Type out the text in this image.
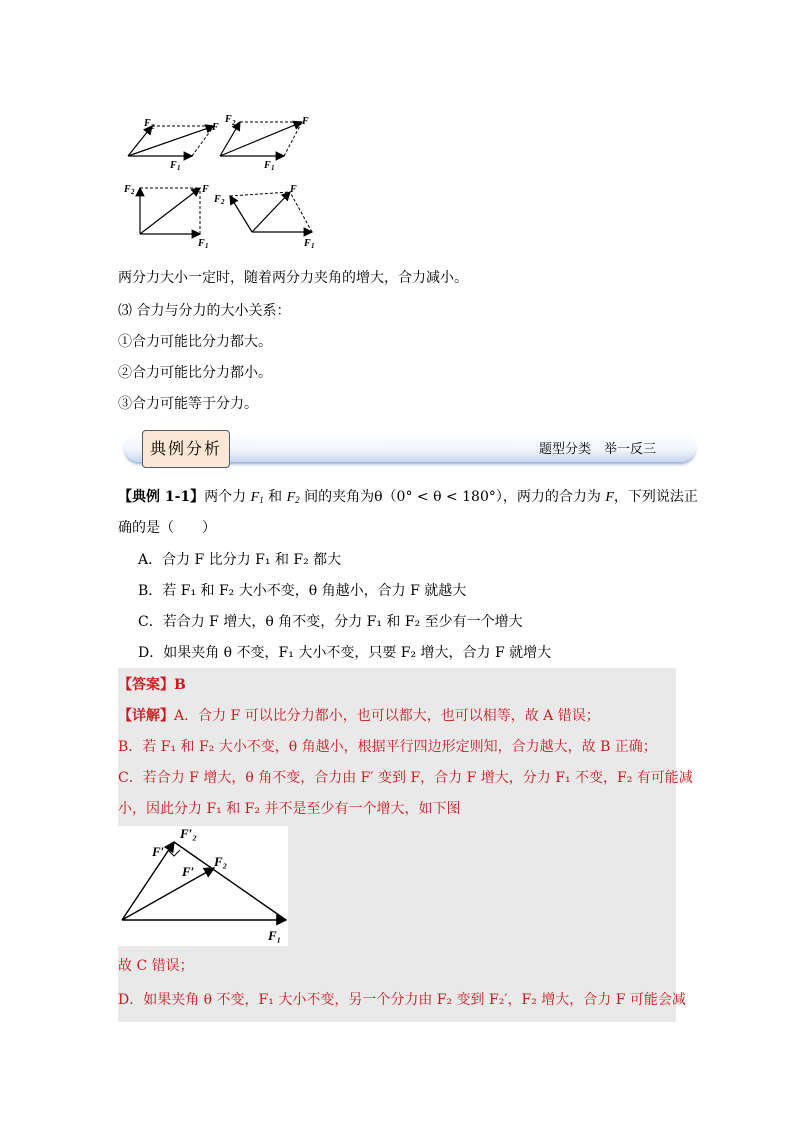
F 2	F
F 1
F 2	F
F 1
F 2	F
F 1
F 2
F
F 1
两分力大小一定时，随着两分力夹角的增大，合力减小。
⑶ 合力与分力的大小关系：
①合力可能比分力都大。
②合力可能比分力都小。
③合力可能等于分力。
典例分析	题型分类　举一反三
【典例 1-1】两个力 $F_1$ 和 $F_2$ 间的夹角为θ（0° < θ < 180°），两力的合力为 F，下列说法正
确的是（　　）
A．合力 F 比分力 F₁ 和 F₂ 都大
B．若 F₁ 和 F₂ 大小不变，θ 角越小，合力 F 就越大
C．若合力 F 增大，θ 角不变，分力 F₁ 和 F₂ 至少有一个增大
D．如果夹角 θ 不变，F₁ 大小不变，只要 F₂ 增大，合力 F 就增大
【答案】B
【详解】A．合力 F 可以比分力都小，也可以都大，也可以相等，故 A 错误；
B．若 F₁ 和 F₂ 大小不变，θ 角越小，根据平行四边形定则知，合力越大，故 B 正确；
C．若合力 F 增大，θ 角不变，合力由 F′ 变到 F，合力 F 增大，分力 F₁ 不变，F₂ 有可能减
小，因此分力 F₁ 和 F₂ 并不是至少有一个增大，如下图
F′₂
F′
F′
F₂
F₁
故 C 错误；
D．如果夹角 θ 不变，F₁ 大小不变，另一个分力由 F₂ 变到 F₂′，F₂ 增大，合力 F 可能会减
